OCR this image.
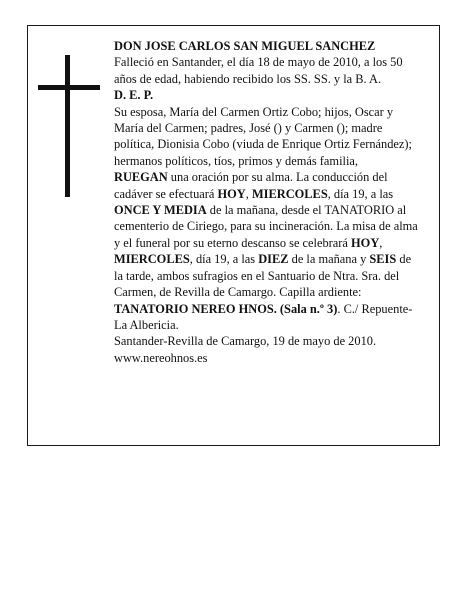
DON JOSE CARLOS SAN MIGUEL SANCHEZ

Falleció en Santander, el día 18 de mayo de 2010, a los 50 años de edad, habiendo recibido los SS. SS. y la B. A.

D. E. P.

Su esposa, María del Carmen Ortiz Cobo; hijos, Oscar y María del Carmen; padres, José () y Carmen (); madre política, Dionisia Cobo (viuda de Enrique Ortiz Fernández); hermanos políticos, tíos, primos y demás familia,

RUEGAN una oración por su alma. La conducción del cadáver se efectuará HOY, MIERCOLES, día 19, a las ONCE Y MEDIA de la mañana, desde el TANATORIO al cementerio de Ciriego, para su incineración. La misa de alma y el funeral por su eterno descanso se celebrará HOY, MIERCOLES, día 19, a las DIEZ de la mañana y SEIS de la tarde, ambos sufragios en el Santuario de Ntra. Sra. del Carmen, de Revilla de Camargo. Capilla ardiente: TANATORIO NEREO HNOS. (Sala n.º 3). C./ Repuente-La Albericia.

Santander-Revilla de Camargo, 19 de mayo de 2010.

www.nereohnos.es
